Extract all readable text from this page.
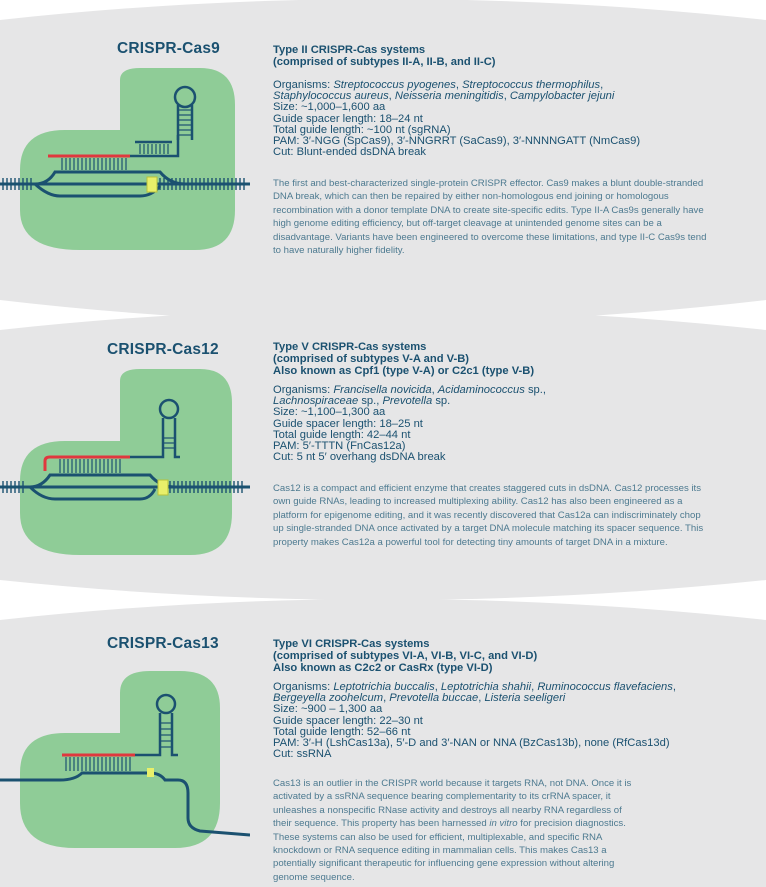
CRISPR-Cas9	Type II CRISPR-Cas systems
(comprised of subtypes II-A, II-B, and II-C)
Organisms: Streptococcus pyogenes, Streptococcus thermophilus,
Staphylococcus aureus, Neisseria meningitidis, Campylobacter jejuni
Size: ~1,000–1,600 aa
Guide spacer length: 18–24 nt
Total guide length: ~100 nt (sgRNA)
PAM: 3′-NGG (SpCas9), 3′-NNGRRT (SaCas9), 3′-NNNNGATT (NmCas9)
Cut: Blunt-ended dsDNA break
The first and best-characterized single-protein CRISPR effector. Cas9 makes a blunt double-stranded DNA break, which can then be repaired by either non-homologous end joining or homologous recombination with a donor template DNA to create site-specific edits. Type II-A Cas9s generally have high genome editing efficiency, but off-target cleavage at unintended genome sites can be a disadvantage. Variants have been engineered to overcome these limitations, and type II-C Cas9s tend to have naturally higher fidelity.
CRISPR-Cas12	Type V CRISPR-Cas systems
(comprised of subtypes V-A and V-B)
Also known as Cpf1 (type V-A) or C2c1 (type V-B)
Organisms: Francisella novicida, Acidaminococcus sp.,
Lachnospiraceae sp., Prevotella sp.
Size: ~1,100–1,300 aa
Guide spacer length: 18–25 nt
Total guide length: 42–44 nt
PAM: 5′-TTTN (FnCas12a)
Cut: 5 nt 5′ overhang dsDNA break
Cas12 is a compact and efficient enzyme that creates staggered cuts in dsDNA. Cas12 processes its own guide RNAs, leading to increased multiplexing ability. Cas12 has also been engineered as a platform for epigenome editing, and it was recently discovered that Cas12a can indiscriminately chop up single-stranded DNA once activated by a target DNA molecule matching its spacer sequence. This property makes Cas12a a powerful tool for detecting tiny amounts of target DNA in a mixture.
CRISPR-Cas13	Type VI CRISPR-Cas systems
(comprised of subtypes VI-A, VI-B, VI-C, and VI-D)
Also known as C2c2 or CasRx (type VI-D)
Organisms: Leptotrichia buccalis, Leptotrichia shahii, Ruminococcus flavefaciens,
Bergeyella zoohelcum, Prevotella buccae, Listeria seeligeri
Size: ~900 – 1,300 aa
Guide spacer length: 22–30 nt
Total guide length: 52–66 nt
PAM: 3′-H (LshCas13a), 5′-D and 3′-NAN or NNA (BzCas13b), none (RfCas13d)
Cut: ssRNA
Cas13 is an outlier in the CRISPR world because it targets RNA, not DNA. Once it is activated by a ssRNA sequence bearing complementarity to its crRNA spacer, it unleashes a nonspecific RNase activity and destroys all nearby RNA regardless of their sequence. This property has been harnessed in vitro for precision diagnostics. These systems can also be used for efficient, multiplexable, and specific RNA knockdown or RNA sequence editing in mammalian cells. This makes Cas13 a potentially significant therapeutic for influencing gene expression without altering genome sequence.
